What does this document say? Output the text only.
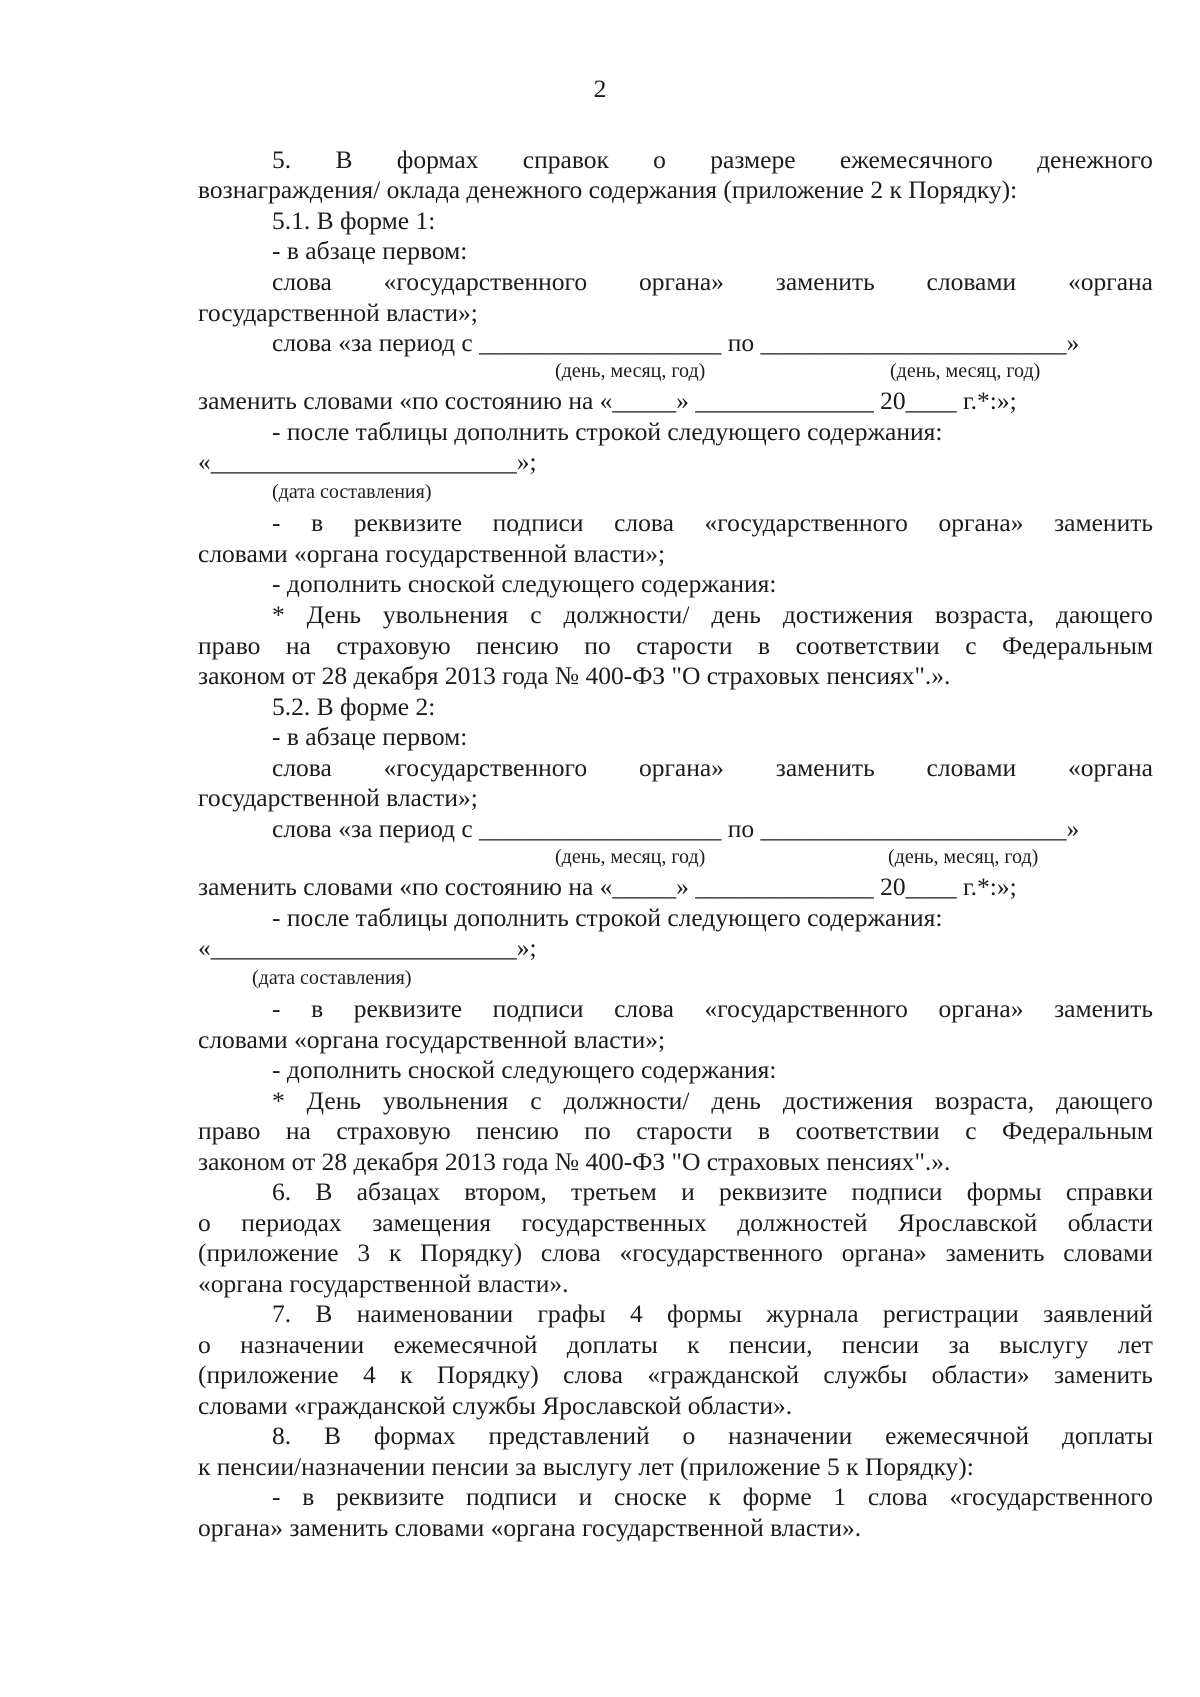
2
5. В формах справок о размере ежемесячного денежного
вознаграждения/ оклада денежного содержания (приложение 2 к Порядку):
5.1. В форме 1:
- в абзаце первом:
слова «государственного органа» заменить словами «органа
государственной власти»;
слова «за период с ___________________ по ________________________»
(день, месяц, год)	(день, месяц, год)
заменить словами «по состоянию на «_____» ______________ 20____ г.*:»;
- после таблицы дополнить строкой следующего содержания:
«________________________»;
(дата составления)
- в реквизите подписи слова «государственного органа» заменить
словами «органа государственной власти»;
- дополнить сноской следующего содержания:
* День увольнения с должности/ день достижения возраста, дающего
право на страховую пенсию по старости в соответствии с Федеральным
законом от 28 декабря 2013 года № 400-ФЗ "О страховых пенсиях".».
5.2. В форме 2:
- в абзаце первом:
слова «государственного органа» заменить словами «органа
государственной власти»;
слова «за период с ___________________ по ________________________»
(день, месяц, год)	(день, месяц, год)
заменить словами «по состоянию на «_____» ______________ 20____ г.*:»;
- после таблицы дополнить строкой следующего содержания:
«________________________»;
(дата составления)
- в реквизите подписи слова «государственного органа» заменить
словами «органа государственной власти»;
- дополнить сноской следующего содержания:
* День увольнения с должности/ день достижения возраста, дающего
право на страховую пенсию по старости в соответствии с Федеральным
законом от 28 декабря 2013 года № 400-ФЗ "О страховых пенсиях".».
6. В абзацах втором, третьем и реквизите подписи формы справки
о периодах замещения государственных должностей Ярославской области
(приложение 3 к Порядку) слова «государственного органа» заменить словами
«органа государственной власти».
7. В наименовании графы 4 формы журнала регистрации заявлений
о назначении ежемесячной доплаты к пенсии, пенсии за выслугу лет
(приложение 4 к Порядку) слова «гражданской службы области» заменить
словами «гражданской службы Ярославской области».
8. В формах представлений о назначении ежемесячной доплаты
к пенсии/назначении пенсии за выслугу лет (приложение 5 к Порядку):
- в реквизите подписи и сноске к форме 1 слова «государственного
органа» заменить словами «органа государственной власти».
